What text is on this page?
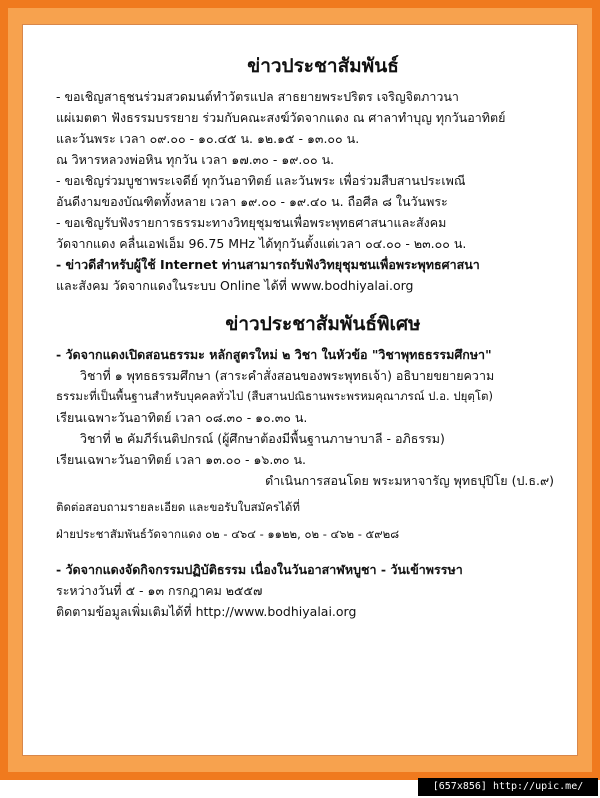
ข่าวประชาสัมพันธ์

- ขอเชิญสาธุชนร่วมสวดมนต์ทำวัตรแปล สาธยายพระปริตร เจริญจิตภาวนา

แผ่เมตตา ฟังธรรมบรรยาย ร่วมกับคณะสงฆ์วัดจากแดง ณ ศาลาทำบุญ ทุกวันอาทิตย์

และวันพระ เวลา ๐๙.๐๐ - ๑๐.๔๕ น. ๑๒.๑๕ - ๑๓.๐๐ น.

ณ วิหารหลวงพ่อหิน ทุกวัน เวลา ๑๗.๓๐ - ๑๙.๐๐ น.

- ขอเชิญร่วมบูชาพระเจดีย์ ทุกวันอาทิตย์ และวันพระ เพื่อร่วมสืบสานประเพณี

อันดีงามของบัณฑิตทั้งหลาย เวลา ๑๙.๐๐ - ๑๙.๔๐ น. ถือศีล ๘ ในวันพระ

- ขอเชิญรับฟังรายการธรรมะทางวิทยุชุมชนเพื่อพระพุทธศาสนาและสังคม

วัดจากแดง คลื่นเอฟเอ็ม 96.75 MHz ได้ทุกวันตั้งแต่เวลา ๐๔.๐๐ - ๒๓.๐๐ น.

- ข่าวดีสำหรับผู้ใช้ Internet ท่านสามารถรับฟังวิทยุชุมชนเพื่อพระพุทธศาสนา

และสังคม วัดจากแดงในระบบ Online ได้ที่ www.bodhiyalai.org

ข่าวประชาสัมพันธ์พิเศษ

- วัดจากแดงเปิดสอนธรรมะ หลักสูตรใหม่ ๒ วิชา ในหัวข้อ "วิชาพุทธธรรมศึกษา"

วิชาที่ ๑ พุทธธรรมศึกษา (สาระคำสั่งสอนของพระพุทธเจ้า) อธิบายขยายความ

ธรรมะที่เป็นพื้นฐานสำหรับบุคคลทั่วไป (สืบสานปณิธานพระพรหมคุณาภรณ์ ป.อ. ปยุตฺโต)

เรียนเฉพาะวันอาทิตย์ เวลา ๐๘.๓๐ - ๑๐.๓๐ น.

วิชาที่ ๒ คัมภีร์เนติปกรณ์ (ผู้ศึกษาต้องมีพื้นฐานภาษาบาลี - อภิธรรม)

เรียนเฉพาะวันอาทิตย์ เวลา ๑๓.๐๐ - ๑๖.๓๐ น.

ดำเนินการสอนโดย พระมหาจารัญ พุทธปุปิโย (ป.ธ.๙)

ติดต่อสอบถามรายละเอียด และขอรับใบสมัครได้ที่

ฝ่ายประชาสัมพันธ์วัดจากแดง ๐๒ - ๔๖๔ - ๑๑๒๒, ๐๒ - ๔๖๒ - ๕๙๒๘

- วัดจากแดงจัดกิจกรรมปฏิบัติธรรม เนื่องในวันอาสาฬหบูชา - วันเข้าพรรษา

ระหว่างวันที่ ๕ - ๑๓ กรกฎาคม ๒๕๕๗

ติดตามข้อมูลเพิ่มเติมได้ที่ http://www.bodhiyalai.org

[657x856] http://upic.me/
